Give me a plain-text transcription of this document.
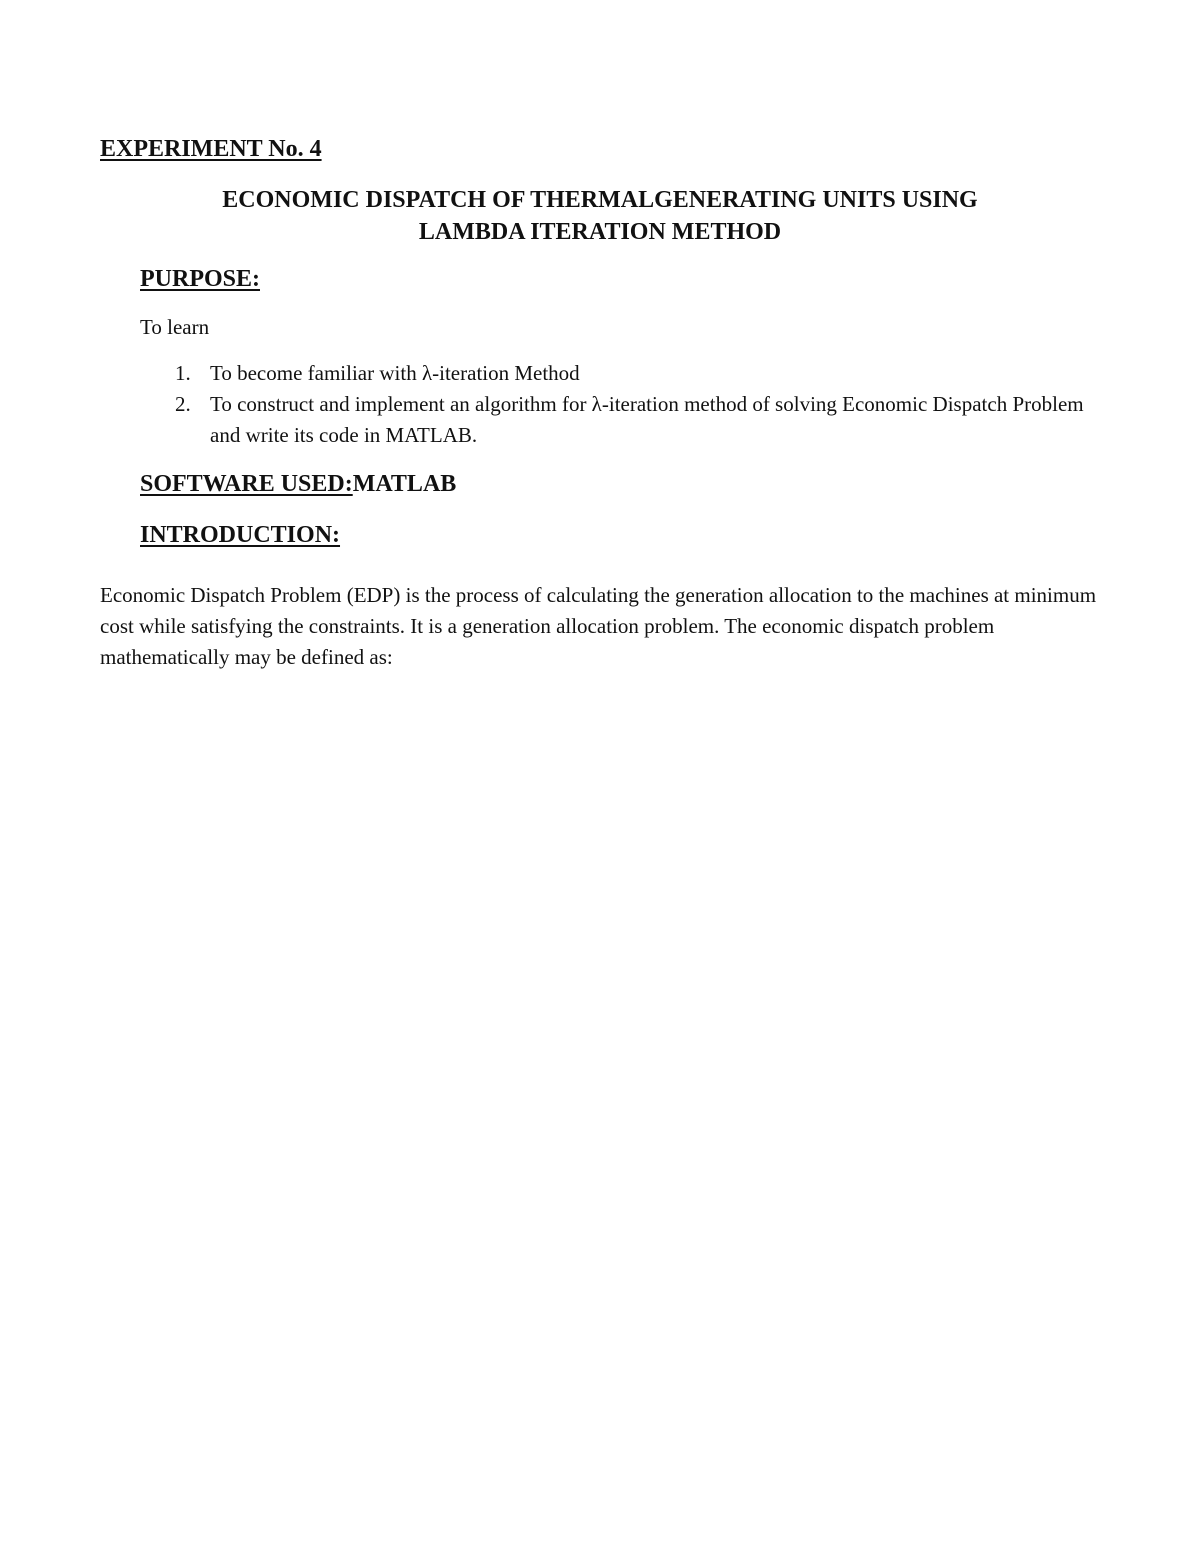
EXPERIMENT No. 4

ECONOMIC DISPATCH OF THERMALGENERATING UNITS USING

LAMBDA ITERATION METHOD

PURPOSE:

To learn

1. To become familiar with λ-iteration Method
2. To construct and implement an algorithm for λ-iteration method of solving Economic Dispatch Problem and write its code in MATLAB.

SOFTWARE USED:MATLAB

INTRODUCTION:

Economic Dispatch Problem (EDP) is the process of calculating the generation allocation to the machines at minimum cost while satisfying the constraints. It is a generation allocation problem. The economic dispatch problem mathematically may be defined as:
